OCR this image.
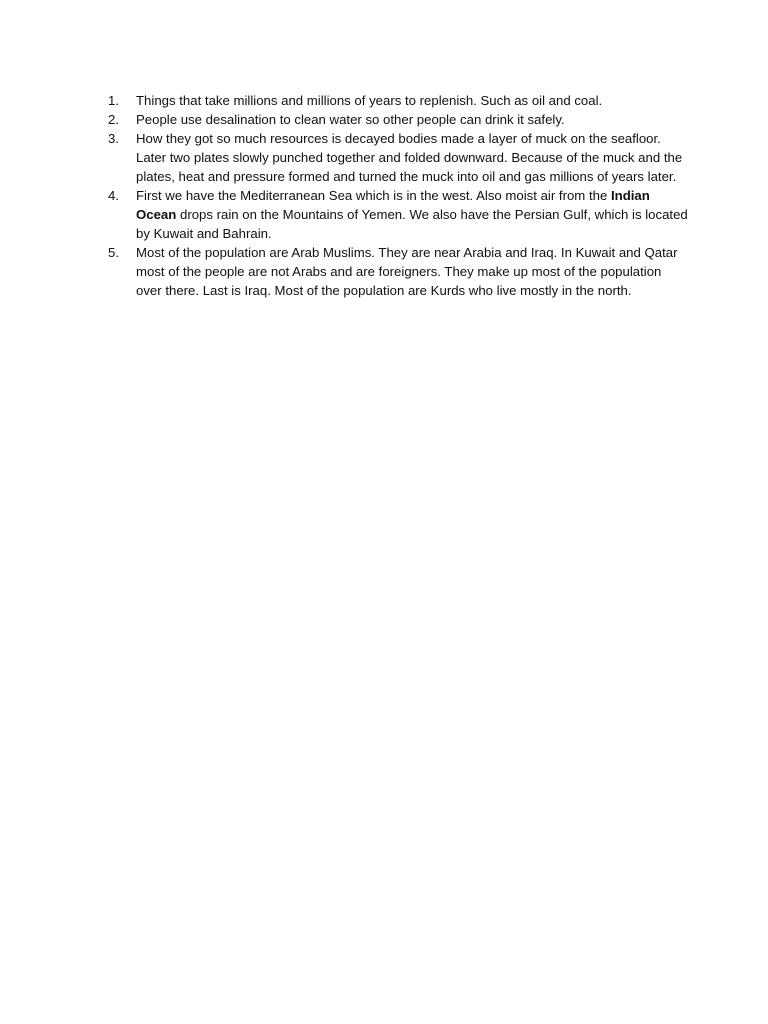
1.	Things that take millions and millions of years to replenish. Such as oil and coal.
2.	People use desalination to clean water so other people can drink it safely.
3.	How they got so much resources is decayed bodies made a layer of muck on the seafloor. Later two plates slowly punched together and folded downward. Because of the muck and the plates, heat and pressure formed and turned the muck into oil and gas millions of years later.
4.	First we have the Mediterranean Sea which is in the west. Also moist air from the Indian Ocean drops rain on the Mountains of Yemen. We also have the Persian Gulf, which is located by Kuwait and Bahrain.
5.	Most of the population are Arab Muslims. They are near Arabia and Iraq. In Kuwait and Qatar most of the people are not Arabs and are foreigners. They make up most of the population over there. Last is Iraq. Most of the population are Kurds who live mostly in the north.
